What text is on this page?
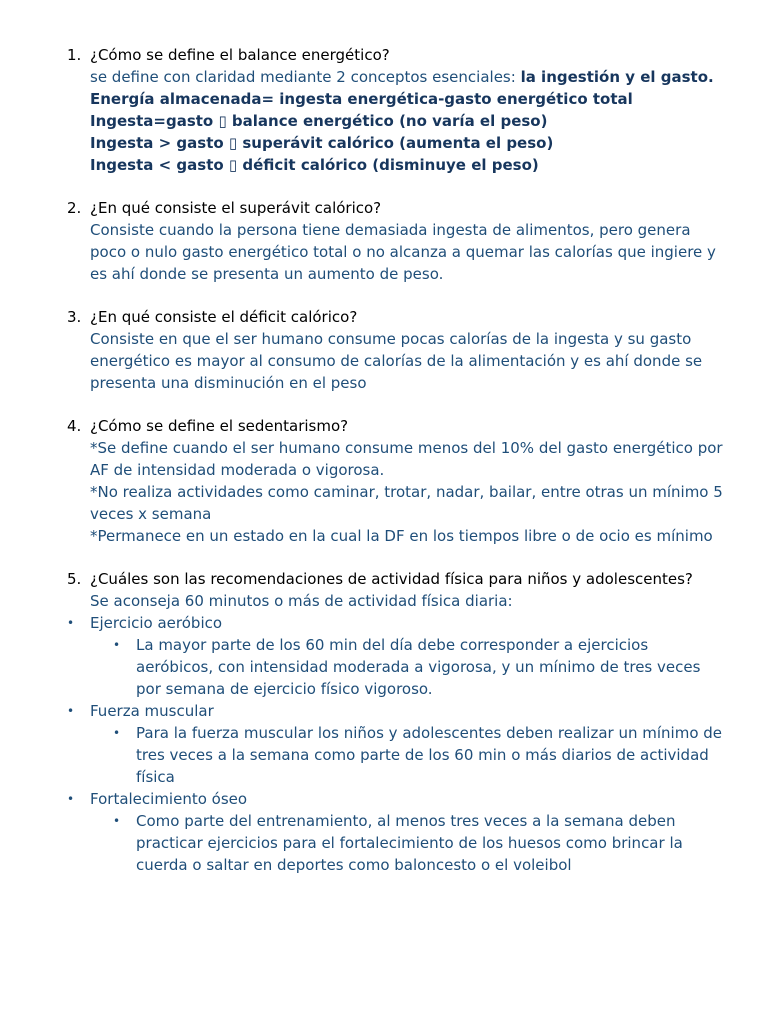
1. ¿Cómo se define el balance energético?
se define con claridad mediante 2 conceptos esenciales: la ingestión y el gasto.
Energía almacenada= ingesta energética-gasto energético total
Ingesta=gasto ▯ balance energético (no varía el peso)
Ingesta > gasto ▯ superávit calórico (aumenta el peso)
Ingesta < gasto ▯ déficit calórico (disminuye el peso)
2. ¿En qué consiste el superávit calórico?
Consiste cuando la persona tiene demasiada ingesta de alimentos, pero genera poco o nulo gasto energético total o no alcanza a quemar las calorías que ingiere y es ahí donde se presenta un aumento de peso.
3. ¿En qué consiste el déficit calórico?
Consiste en que el ser humano consume pocas calorías de la ingesta y su gasto energético es mayor al consumo de calorías de la alimentación y es ahí donde se presenta una disminución en el peso
4. ¿Cómo se define el sedentarismo?
*Se define cuando el ser humano consume menos del 10% del gasto energético por AF de intensidad moderada o vigorosa.
*No realiza actividades como caminar, trotar, nadar, bailar, entre otras un mínimo 5 veces x semana
*Permanece en un estado en la cual la DF en los tiempos libre o de ocio es mínimo
5. ¿Cuáles son las recomendaciones de actividad física para niños y adolescentes?
Se aconseja 60 minutos o más de actividad física diaria:
• Ejercicio aeróbico
• La mayor parte de los 60 min del día debe corresponder a ejercicios aeróbicos, con intensidad moderada a vigorosa, y un mínimo de tres veces por semana de ejercicio físico vigoroso.
• Fuerza muscular
• Para la fuerza muscular los niños y adolescentes deben realizar un mínimo de tres veces a la semana como parte de los 60 min o más diarios de actividad física
• Fortalecimiento óseo
• Como parte del entrenamiento, al menos tres veces a la semana deben practicar ejercicios para el fortalecimiento de los huesos como brincar la cuerda o saltar en deportes como baloncesto o el voleibol
